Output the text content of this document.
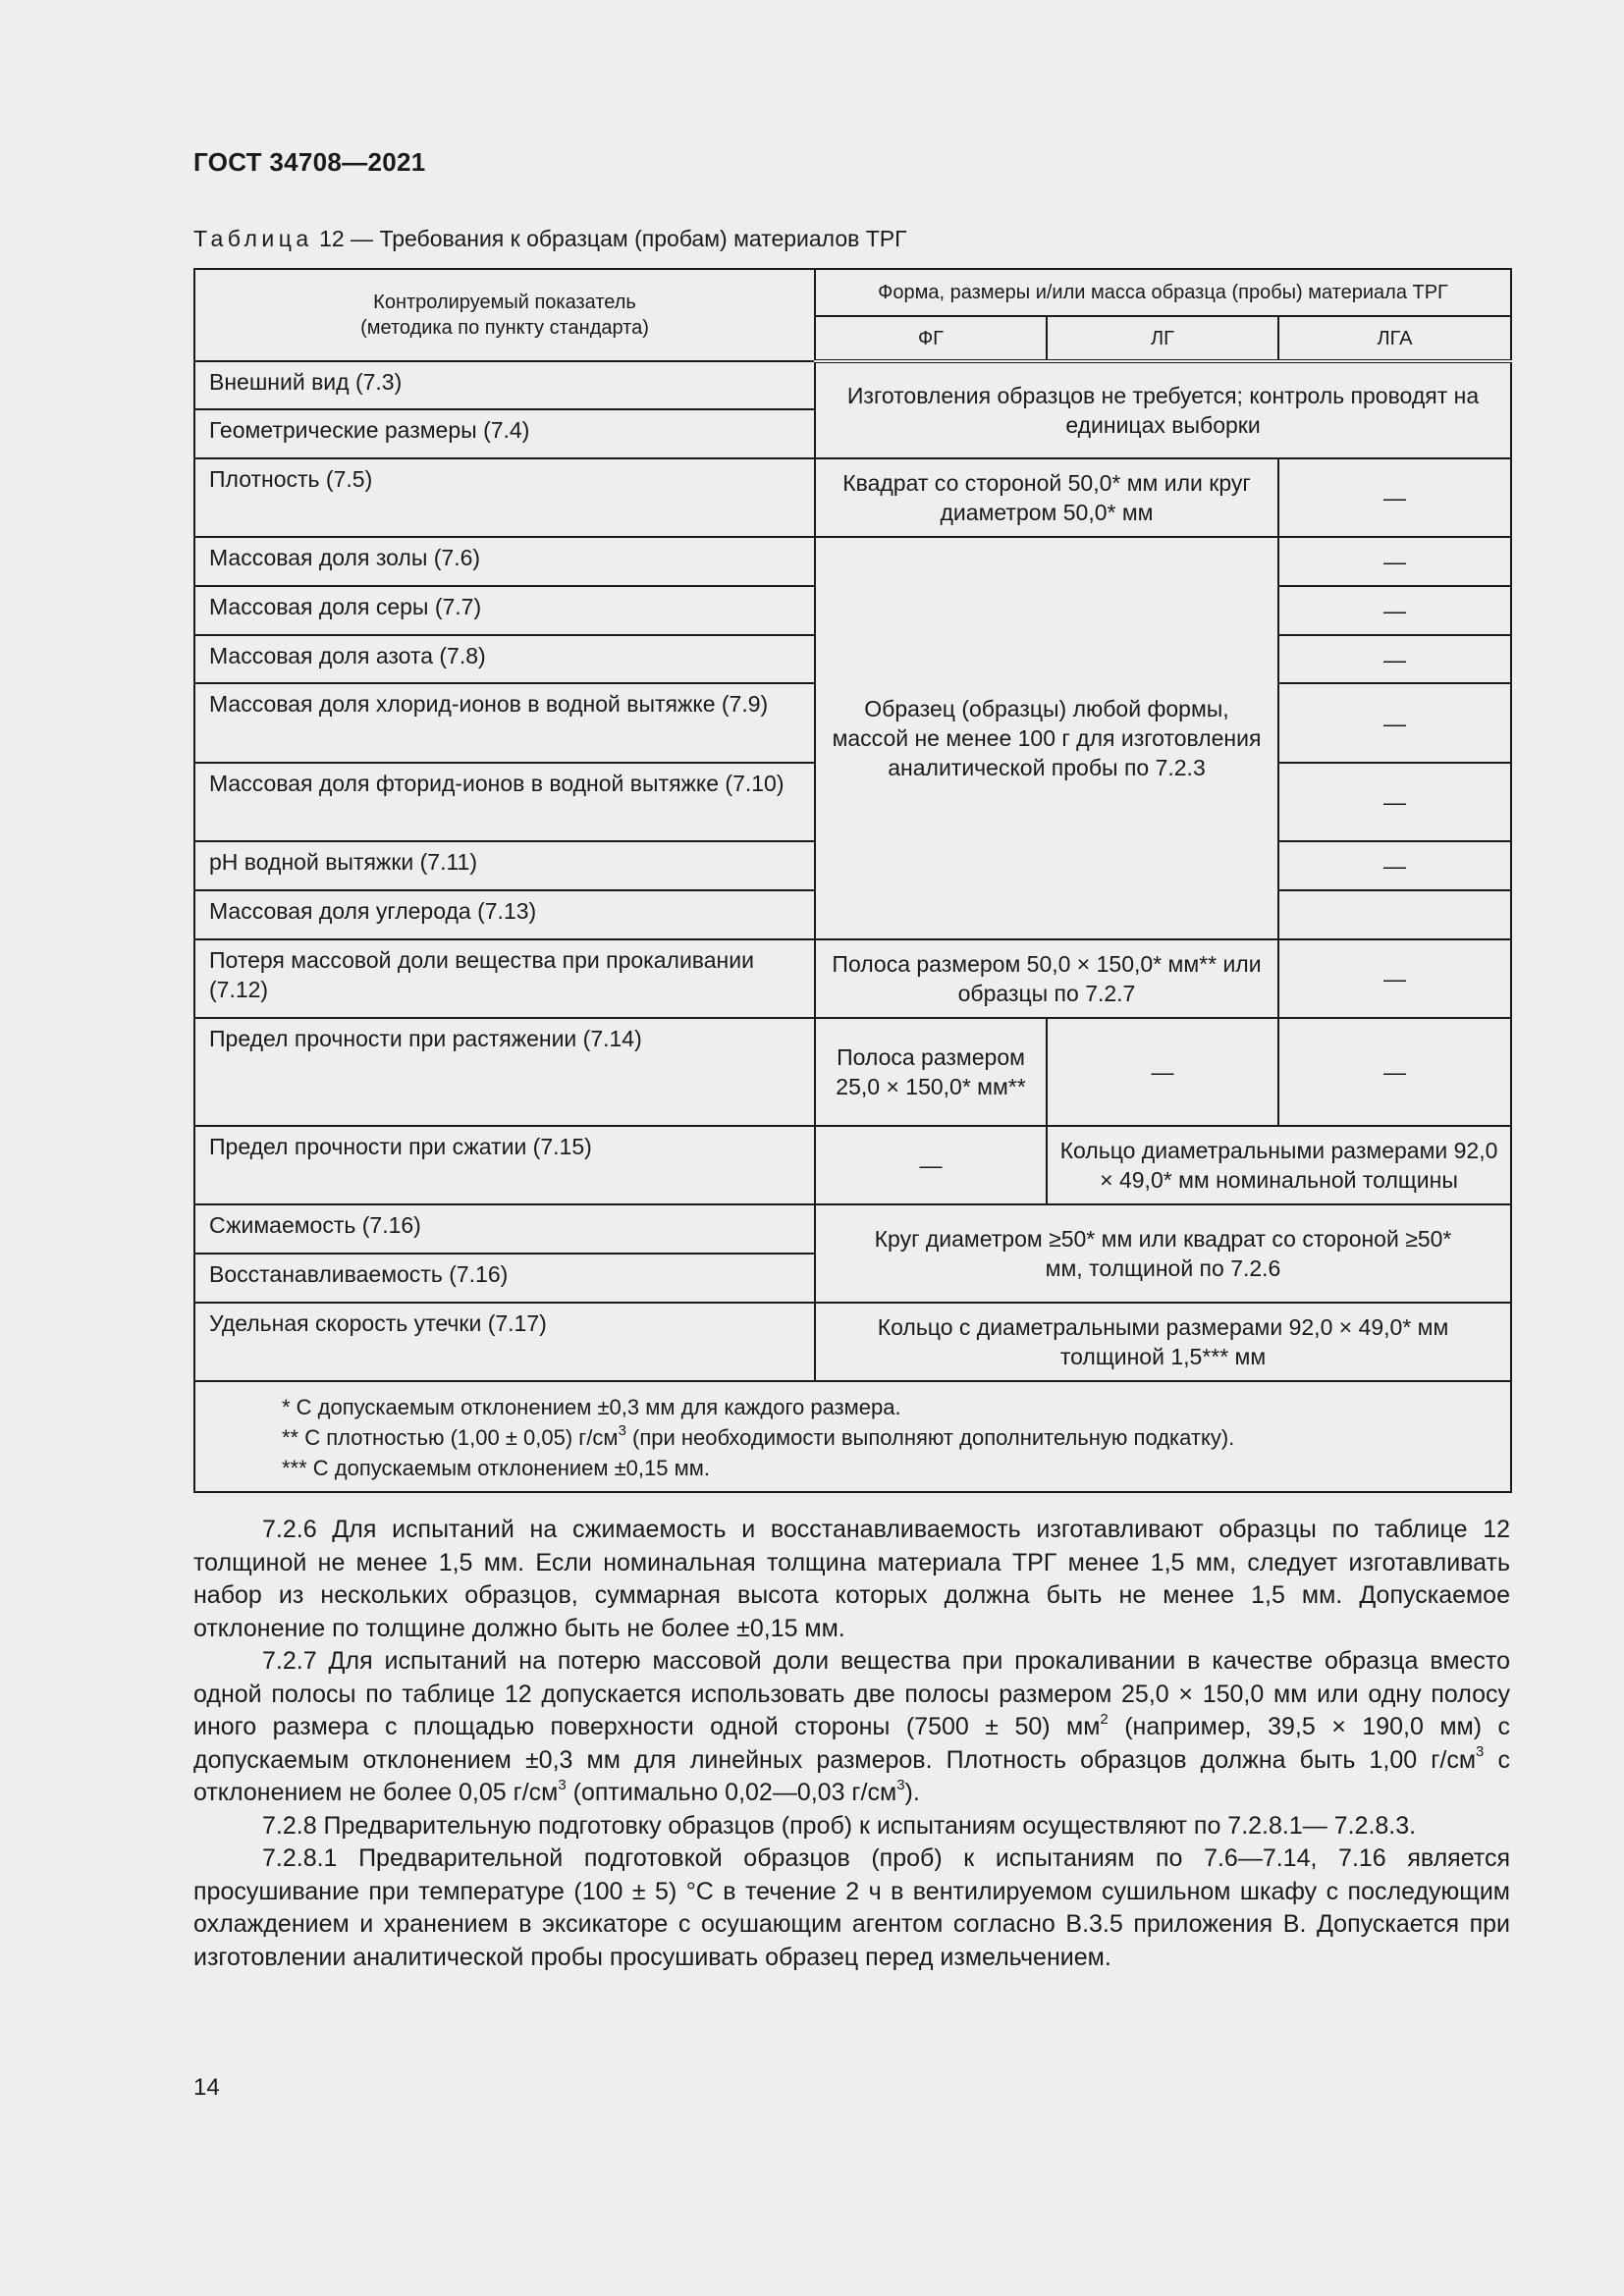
ГОСТ 34708—2021
Таблица 12 — Требования к образцам (пробам) материалов ТРГ
Контролируемый показатель
(методика по пункту стандарта)	Форма, размеры и/или масса образца (пробы) материала ТРГ		
	ФГ	ЛГ	ЛГА
Внешний вид (7.3)	Изготовления образцов не требуется; контроль проводят на единицах выборки		
Геометрические размеры (7.4)			
Плотность (7.5)	Квадрат со стороной 50,0* мм или круг диаметром 50,0* мм		—
Массовая доля золы (7.6)	Образец (образцы) любой формы, массой не менее 100 г для изготовления аналитической пробы по 7.2.3		—
Массовая доля серы (7.7)			—
Массовая доля азота (7.8)			—
Массовая доля хлорид-ионов в водной вытяжке (7.9)			—
Массовая доля фторид-ионов в водной вытяжке (7.10)			—
pH водной вытяжки (7.11)			—
Массовая доля углерода (7.13)			
Потеря массовой доли вещества при прокаливании (7.12)	Полоса размером 50,0 × 150,0* мм** или образцы по 7.2.7		—
Предел прочности при растяжении (7.14)	Полоса размером 25,0 × 150,0* мм**	—	—
Предел прочности при сжатии (7.15)	—	Кольцо диаметральными размерами 92,0 × 49,0* мм номинальной толщины	
Сжимаемость (7.16)	Круг диаметром ≥50* мм или квадрат со стороной ≥50* мм, толщиной по 7.2.6		
Восстанавливаемость (7.16)			
Удельная скорость утечки (7.17)	Кольцо с диаметральными размерами 92,0 × 49,0* мм толщиной 1,5*** мм		

* С допускаемым отклонением ±0,3 мм для каждого размера.
** С плотностью (1,00 ± 0,05) $г/см^3$ (при необходимости выполняют дополнительную подкатку).
*** С допускаемым отклонением ±0,15 мм.			

7.2.6 Для испытаний на сжимаемость и восстанавливаемость изготавливают образцы по таблице 12 толщиной не менее 1,5 мм. Если номинальная толщина материала ТРГ менее 1,5 мм, следует изготавливать набор из нескольких образцов, суммарная высота которых должна быть не менее 1,5 мм. Допускаемое отклонение по толщине должно быть не более ±0,15 мм.

7.2.7 Для испытаний на потерю массовой доли вещества при прокаливании в качестве образца вместо одной полосы по таблице 12 допускается использовать две полосы размером 25,0 × 150,0 мм или одну полосу иного размера с площадью поверхности одной стороны (7500 ± 50) $мм^2$ (например, 39,5 × 190,0 мм) с допускаемым отклонением ±0,3 мм для линейных размеров. Плотность образцов должна быть 1,00 $г/см^3$ с отклонением не более 0,05 $г/см^3$ (оптимально 0,02—0,03 $г/см^3$).

7.2.8 Предварительную подготовку образцов (проб) к испытаниям осуществляют по 7.2.8.1— 7.2.8.3.

7.2.8.1 Предварительной подготовкой образцов (проб) к испытаниям по 7.6—7.14, 7.16 является просушивание при температуре (100 ± 5) °С в течение 2 ч в вентилируемом сушильном шкафу с последующим охлаждением и хранением в эксикаторе с осушающим агентом согласно В.3.5 приложения В. Допускается при изготовлении аналитической пробы просушивать образец перед измельчением.

14
